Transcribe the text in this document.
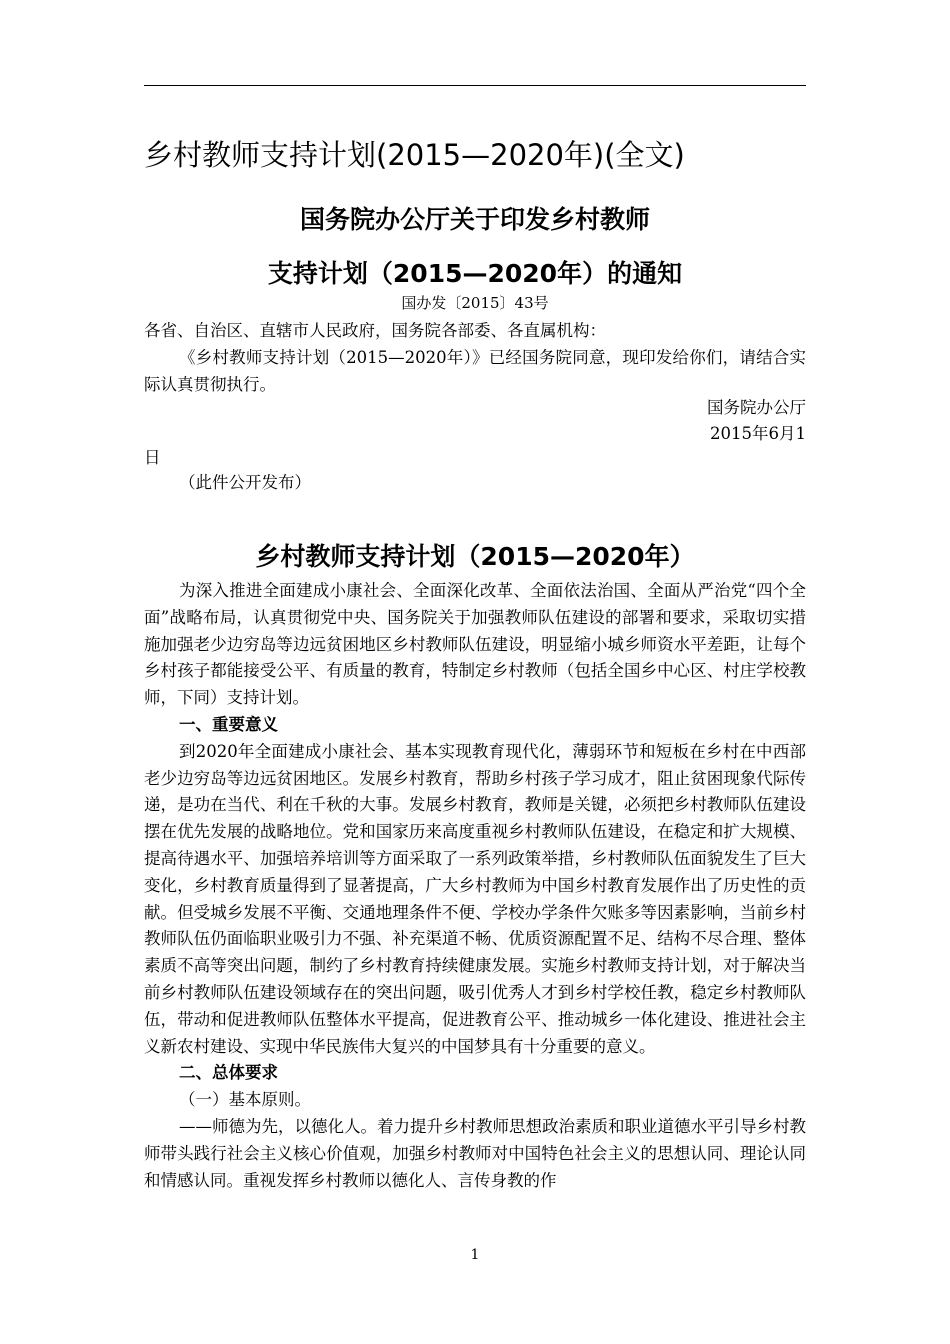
乡村教师支持计划(2015—2020年)(全文)
国务院办公厅关于印发乡村教师
支持计划（2015—2020年）的通知
国办发〔2015〕43号

各省、自治区、直辖市人民政府，国务院各部委、各直属机构：

《乡村教师支持计划（2015—2020年）》已经国务院同意，现印发给你们，请结合实际认真贯彻执行。

国务院办公厅
2015年6月1
日
（此件公开发布）
乡村教师支持计划（2015—2020年）

为深入推进全面建成小康社会、全面深化改革、全面依法治国、全面从严治党“四个全面”战略布局，认真贯彻党中央、国务院关于加强教师队伍建设的部署和要求，采取切实措施加强老少边穷岛等边远贫困地区乡村教师队伍建设，明显缩小城乡师资水平差距，让每个乡村孩子都能接受公平、有质量的教育，特制定乡村教师（包括全国乡中心区、村庄学校教师，下同）支持计划。

一、重要意义

到2020年全面建成小康社会、基本实现教育现代化，薄弱环节和短板在乡村在中西部老少边穷岛等边远贫困地区。发展乡村教育，帮助乡村孩子学习成才，阻止贫困现象代际传递，是功在当代、利在千秋的大事。发展乡村教育，教师是关键，必须把乡村教师队伍建设摆在优先发展的战略地位。党和国家历来高度重视乡村教师队伍建设，在稳定和扩大规模、提高待遇水平、加强培养培训等方面采取了一系列政策举措，乡村教师队伍面貌发生了巨大变化，乡村教育质量得到了显著提高，广大乡村教师为中国乡村教育发展作出了历史性的贡献。但受城乡发展不平衡、交通地理条件不便、学校办学条件欠账多等因素影响，当前乡村教师队伍仍面临职业吸引力不强、补充渠道不畅、优质资源配置不足、结构不尽合理、整体素质不高等突出问题，制约了乡村教育持续健康发展。实施乡村教师支持计划，对于解决当前乡村教师队伍建设领域存在的突出问题，吸引优秀人才到乡村学校任教，稳定乡村教师队伍，带动和促进教师队伍整体水平提高，促进教育公平、推动城乡一体化建设、推进社会主义新农村建设、实现中华民族伟大复兴的中国梦具有十分重要的意义。

二、总体要求

（一）基本原则。

——师德为先，以德化人。着力提升乡村教师思想政治素质和职业道德水平引导乡村教师带头践行社会主义核心价值观，加强乡村教师对中国特色社会主义的思想认同、理论认同和情感认同。重视发挥乡村教师以德化人、言传身教的作

1
